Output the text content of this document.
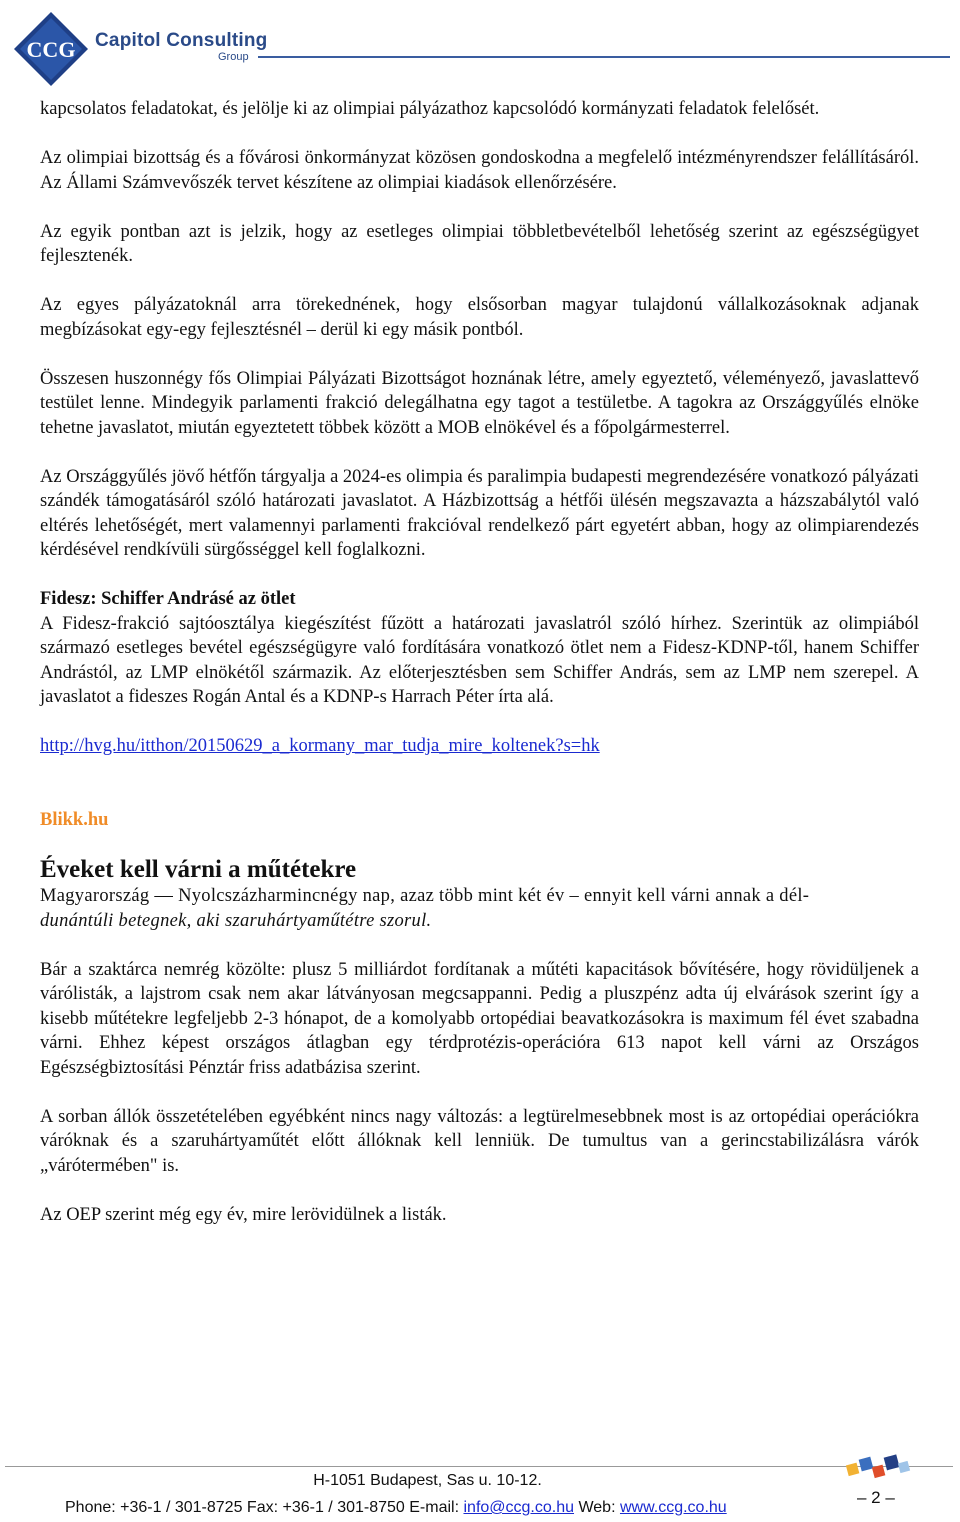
CCG Capitol Consulting
Group

kapcsolatos feladatokat, és jelölje ki az olimpiai pályázathoz kapcsolódó kormányzati feladatok felelősét.

Az olimpiai bizottság és a fővárosi önkormányzat közösen gondoskodna a megfelelő intézményrendszer felállításáról. Az Állami Számvevőszék tervet készítene az olimpiai kiadások ellenőrzésére.

Az egyik pontban azt is jelzik, hogy az esetleges olimpiai többletbevételből lehetőség szerint az egészségügyet fejlesztenék.

Az egyes pályázatoknál arra törekednének, hogy elsősorban magyar tulajdonú vállalkozásoknak adjanak megbízásokat egy-egy fejlesztésnél – derül ki egy másik pontból.

Összesen huszonnégy fős Olimpiai Pályázati Bizottságot hoznának létre, amely egyeztető, véleményező, javaslattevő testület lenne. Mindegyik parlamenti frakció delegálhatna egy tagot a testületbe. A tagokra az Országgyűlés elnöke tehetne javaslatot, miután egyeztetett többek között a MOB elnökével és a főpolgármesterrel.

Az Országgyűlés jövő hétfőn tárgyalja a 2024-es olimpia és paralimpia budapesti megrendezésére vonatkozó pályázati szándék támogatásáról szóló határozati javaslatot. A Házbizottság a hétfői ülésén megszavazta a házszabálytól való eltérés lehetőségét, mert valamennyi parlamenti frakcióval rendelkező párt egyetért abban, hogy az olimpiarendezés kérdésével rendkívüli sürgősséggel kell foglalkozni.

Fidesz: Schiffer Andrásé az ötlet

A Fidesz-frakció sajtóosztálya kiegészítést fűzött a határozati javaslatról szóló hírhez. Szerintük az olimpiából származó esetleges bevétel egészségügyre való fordítására vonatkozó ötlet nem a Fidesz-KDNP-től, hanem Schiffer Andrástól, az LMP elnökétől származik. Az előterjesztésben sem Schiffer András, sem az LMP nem szerepel. A javaslatot a fideszes Rogán Antal és a KDNP-s Harrach Péter írta alá.

http://hvg.hu/itthon/20150629_a_kormany_mar_tudja_mire_koltenek?s=hk

Blikk.hu
Éveket kell várni a műtétekre

Magyarország — Nyolcszázharmincnégy nap, azaz több mint két év – ennyit kell várni annak a dél-
dunántúli betegnek, aki szaruhártyaműtétre szorul.

Bár a szaktárca nemrég közölte: plusz 5 milliárdot fordítanak a műtéti kapacitások bővítésére, hogy rövidüljenek a várólisták, a lajstrom csak nem akar látványosan megcsappanni. Pedig a pluszpénz adta új elvárások szerint így a kisebb műtétekre legfeljebb 2-3 hónapot, de a komolyabb ortopédiai beavatkozásokra is maximum fél évet szabadna várni. Ehhez képest országos átlagban egy térdprotézis-operációra 613 napot kell várni az Országos Egészségbiztosítási Pénztár friss adatbázisa szerint.

A sorban állók összetételében egyébként nincs nagy változás: a legtürelmesebbnek most is az ortopédiai operációkra váróknak és a szaruhártyaműtét előtt állóknak kell lenniük. De tumultus van a gerincstabilizálásra várók „várótermében" is.

Az OEP szerint még egy év, mire lerövidülnek a listák.

H-1051 Budapest, Sas u. 10-12.
Phone: +36-1 / 301-8725 Fax: +36-1 / 301-8750 E-mail: info@ccg.co.hu Web: www.ccg.co.hu
– 2 –
